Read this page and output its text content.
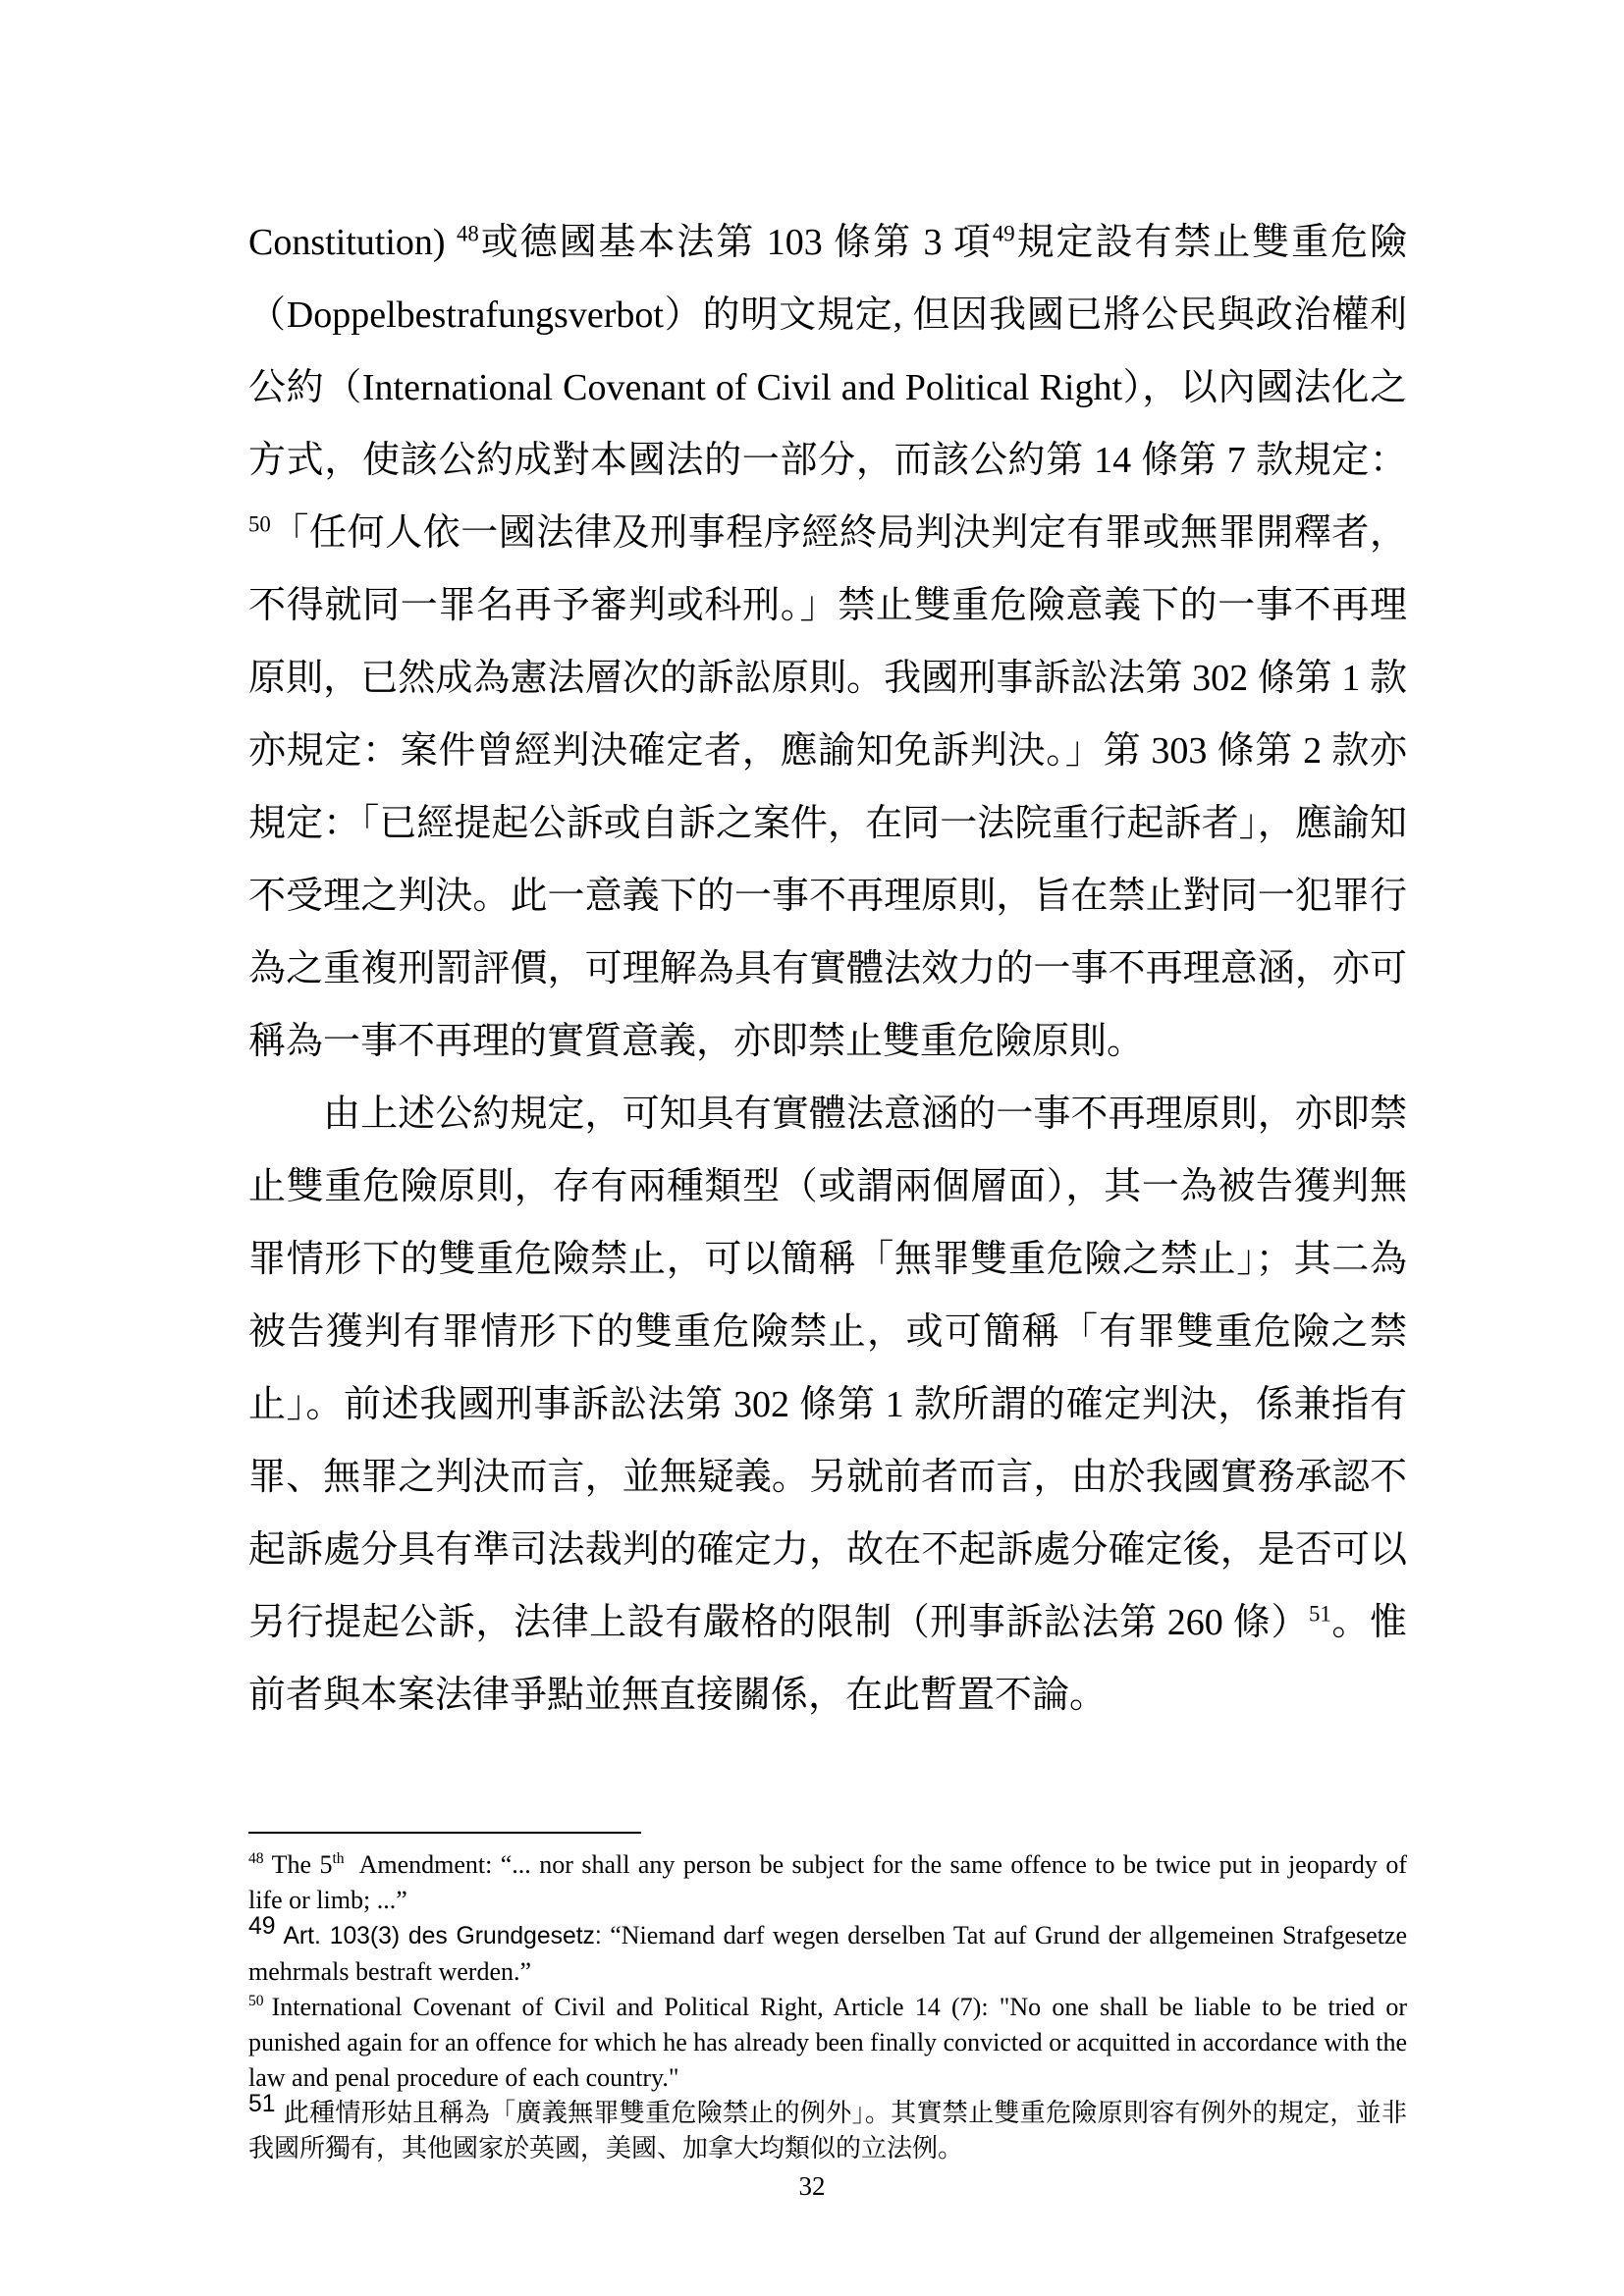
Constitution) $^{48}$或德國基本法第 103 條第 3 項$^{49}$規定設有禁止雙重危險（Doppelbestrafungsverbot）的明文規定, 但因我國已將公民與政治權利公約（International Covenant of Civil and Political Right），以內國法化之方式，使該公約成對本國法的一部分，而該公約第 14 條第 7 款規定：$^{50}$「任何人依一國法律及刑事程序經終局判決判定有罪或無罪開釋者，不得就同一罪名再予審判或科刑。」禁止雙重危險意義下的一事不再理原則，已然成為憲法層次的訴訟原則。我國刑事訴訟法第 302 條第 1 款亦規定：案件曾經判決確定者，應諭知免訴判決。」第 303 條第 2 款亦規定：「已經提起公訴或自訴之案件，在同一法院重行起訴者」，應諭知不受理之判決。此一意義下的一事不再理原則，旨在禁止對同一犯罪行為之重複刑罰評價，可理解為具有實體法效力的一事不再理意涵，亦可稱為一事不再理的實質意義，亦即禁止雙重危險原則。

由上述公約規定，可知具有實體法意涵的一事不再理原則，亦即禁止雙重危險原則，存有兩種類型（或謂兩個層面），其一為被告獲判無罪情形下的雙重危險禁止，可以簡稱「無罪雙重危險之禁止」；其二為被告獲判有罪情形下的雙重危險禁止，或可簡稱「有罪雙重危險之禁止」。前述我國刑事訴訟法第 302 條第 1 款所謂的確定判決，係兼指有罪、無罪之判決而言，並無疑義。另就前者而言，由於我國實務承認不起訴處分具有準司法裁判的確定力，故在不起訴處分確定後，是否可以另行提起公訴，法律上設有嚴格的限制（刑事訴訟法第 260 條）$^{51}$。惟前者與本案法律爭點並無直接關係，在此暫置不論。

$^{48}$ The 5th Amendment: “... nor shall any person be subject for the same offence to be twice put in jeopardy of life or limb; ...”
$^{49}$ Art. 103(3) des Grundgesetz: “Niemand darf wegen derselben Tat auf Grund der allgemeinen Strafgesetze mehrmals bestraft werden.”
$^{50}$ International Covenant of Civil and Political Right, Article 14 (7): "No one shall be liable to be tried or punished again for an offence for which he has already been finally convicted or acquitted in accordance with the law and penal procedure of each country."
$^{51}$ 此種情形姑且稱為「廣義無罪雙重危險禁止的例外」。其實禁止雙重危險原則容有例外的規定，並非我國所獨有，其他國家於英國，美國、加拿大均類似的立法例。
32
